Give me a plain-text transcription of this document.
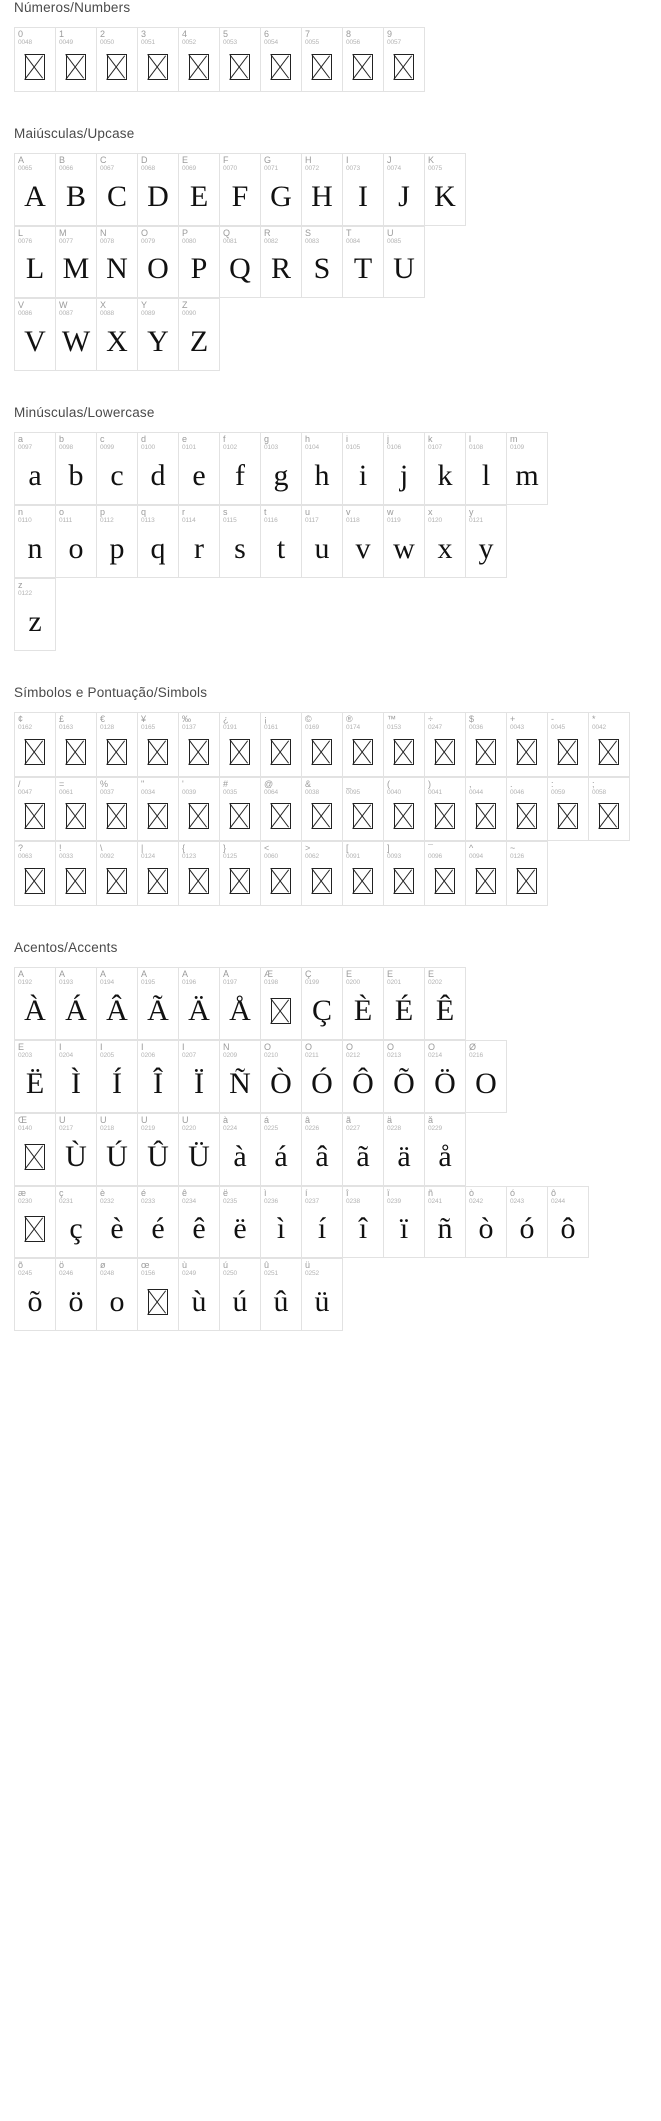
Números/Numbers
0
0048
1
0049
2
0050
3
0051
4
0052
5
0053
6
0054
7
0055
8
0056
9
0057
Maiúsculas/Upcase
A
0065
A
B
0066
B
C
0067
C
D
0068
D
E
0069
E
F
0070
F
G
0071
G
H
0072
H
I
0073
I
J
0074
J
K
0075
K
L
0076
L
M
0077
M
N
0078
N
O
0079
O
P
0080
P
Q
0081
Q
R
0082
R
S
0083
S
T
0084
T
U
0085
U
V
0086
V
W
0087
W
X
0088
X
Y
0089
Y
Z
0090
Z
Minúsculas/Lowercase
a
0097
a
b
0098
b
c
0099
c
d
0100
d
e
0101
e
f
0102
f
g
0103
g
h
0104
h
i
0105
i
j
0106
j
k
0107
k
l
0108
l
m
0109
m
n
0110
n
o
0111
o
p
0112
p
q
0113
q
r
0114
r
s
0115
s
t
0116
t
u
0117
u
v
0118
v
w
0119
w
x
0120
x
y
0121
y
z
0122
z
Símbolos e Pontuação/Simbols
¢
0162
£
0163
€
0128
¥
0165
‰
0137
¿
0191
¡
0161
©
0169
®
0174
™
0153
÷
0247
$
0036
+
0043
-
0045
*
0042
/
0047
=
0061
%
0037
"
0034
'
0039
#
0035
@
0064
&
0038
_
0095
(
0040
)
0041
,
0044
.
0046
:
0059
;
0058
?
0063
!
0033
\
0092
|
0124
{
0123
}
0125
<
0060
>
0062
[
0091
]
0093
¯
0096
^
0094
~
0126
Acentos/Accents
À
0192
À
Á
0193
Á
Â
0194
Â
Ã
0195
Ã
Ä
0196
Ä
Å
0197
Å
Æ
0198
Ç
0199
Ç
È
0200
È
É
0201
É
Ê
0202
Ê
Ë
0203
Ë
Ì
0204
Ì
Í
0205
Í
Î
0206
Î
Ï
0207
Ï
Ñ
0209
Ñ
Ò
0210
Ò
Ó
0211
Ó
Ô
0212
Ô
Õ
0213
Õ
Ö
0214
Ö
Ø
0216
O
Œ
0140
Ù
0217
Ù
Ú
0218
Ú
Û
0219
Û
Ü
0220
Ü
à
0224
à
á
0225
á
â
0226
â
ã
0227
ã
ä
0228
ä
å
0229
å
æ
0230
ç
0231
ç
è
0232
è
é
0233
é
ê
0234
ê
ë
0235
ë
ì
0236
ì
í
0237
í
î
0238
î
ï
0239
ï
ñ
0241
ñ
ò
0242
ò
ó
0243
ó
ô
0244
ô
õ
0245
õ
ö
0246
ö
ø
0248
o
œ
0156
ù
0249
ù
ú
0250
ú
û
0251
û
ü
0252
ü
